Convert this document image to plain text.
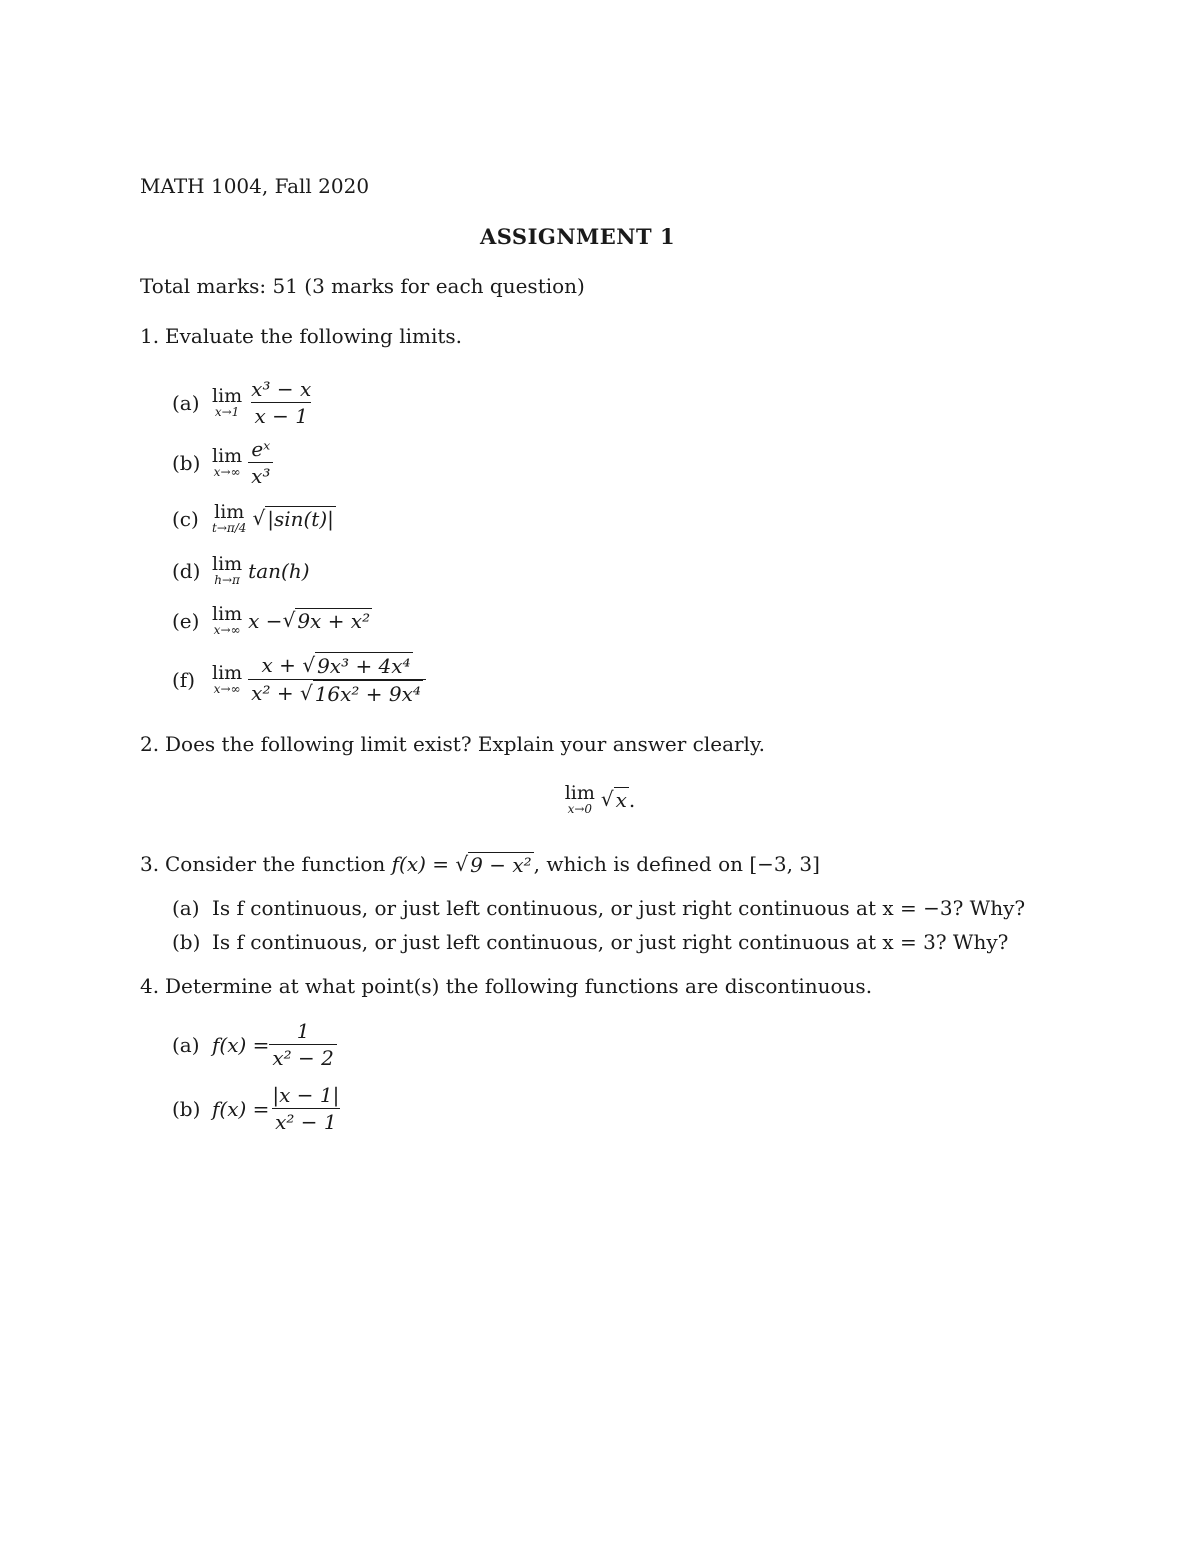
MATH 1004, Fall 2020
ASSIGNMENT 1
Total marks: 51 (3 marks for each question)
1. Evaluate the following limits.
(a) lim
$x\to 1 \frac{\text{x³ − x}}{x - 1}$
(b) lim
$x\to\infty \frac{\text{eˣ}}{\text{x³}}$
(c) lim
t→π/4 √ |sin(t)|
(d) lim
h→π tan(h)
(e) lim
x→∞ x − √ 9x + x²
(f) lim
$x\to\infty \frac{\text{x + √ 9x³ + 4x⁴}}{\text{x² + √ 16x² + 9x⁴}}$
2. Does the following limit exist? Explain your answer clearly.
lim
x→0 √ x .
3. Consider the function f(x) = √ 9 − x² , which is defined on [−3, 3]
(a) Is f continuous, or just left continuous, or just right continuous at x = −3? Why?
(b) Is f continuous, or just left continuous, or just right continuous at x = 3? Why?
4. Determine at what point(s) the following functions are discontinuous.
(a) $f(x) = \frac{1}{\text{x² − 2}}$
(b) $f(x) = \frac{|x - 1|}{\text{x² − 1}}$
